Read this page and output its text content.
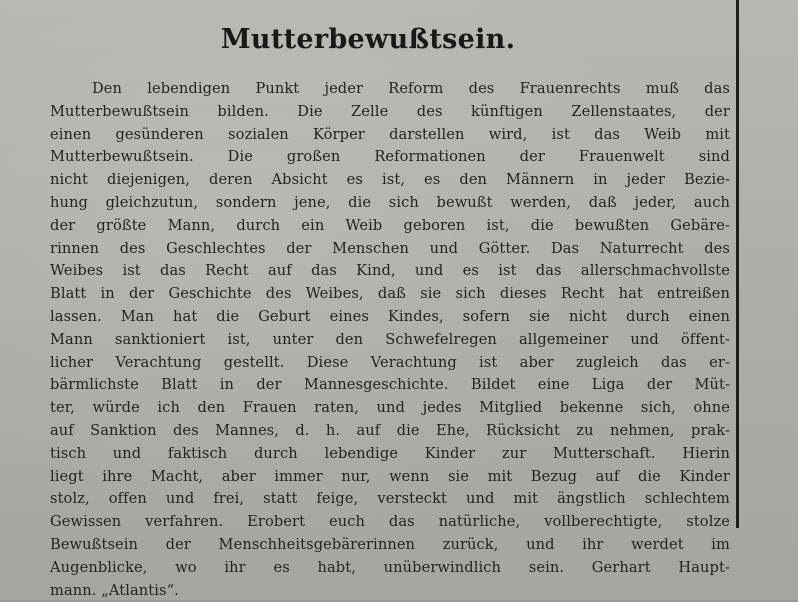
Mutterbewußtsein.
Den lebendigen Punkt jeder Reform des Frauenrechts muß das
Mutterbewußtsein bilden. Die Zelle des künftigen Zellenstaates, der
einen gesünderen sozialen Körper darstellen wird, ist das Weib mit
Mutterbewußtsein. Die großen Reformationen der Frauenwelt sind
nicht diejenigen, deren Absicht es ist, es den Männern in jeder Bezie-
hung gleichzutun, sondern jene, die sich bewußt werden, daß jeder, auch
der größte Mann, durch ein Weib geboren ist, die bewußten Gebäre-
rinnen des Geschlechtes der Menschen und Götter. Das Naturrecht des
Weibes ist das Recht auf das Kind, und es ist das allerschmachvollste
Blatt in der Geschichte des Weibes, daß sie sich dieses Recht hat entreißen
lassen. Man hat die Geburt eines Kindes, sofern sie nicht durch einen
Mann sanktioniert ist, unter den Schwefelregen allgemeiner und öffent-
licher Verachtung gestellt. Diese Verachtung ist aber zugleich das er-
bärmlichste Blatt in der Mannesgeschichte. Bildet eine Liga der Müt-
ter, würde ich den Frauen raten, und jedes Mitglied bekenne sich, ohne
auf Sanktion des Mannes, d. h. auf die Ehe, Rücksicht zu nehmen, prak-
tisch und faktisch durch lebendige Kinder zur Mutterschaft. Hierin
liegt ihre Macht, aber immer nur, wenn sie mit Bezug auf die Kinder
stolz, offen und frei, statt feige, versteckt und mit ängstlich schlechtem
Gewissen verfahren. Erobert euch das natürliche, vollberechtigte, stolze
Bewußtsein der Menschheitsgebärerinnen zurück, und ihr werdet im
Augenblicke, wo ihr es habt, unüberwindlich sein. Gerhart Haupt-
mann. „Atlantis“.
